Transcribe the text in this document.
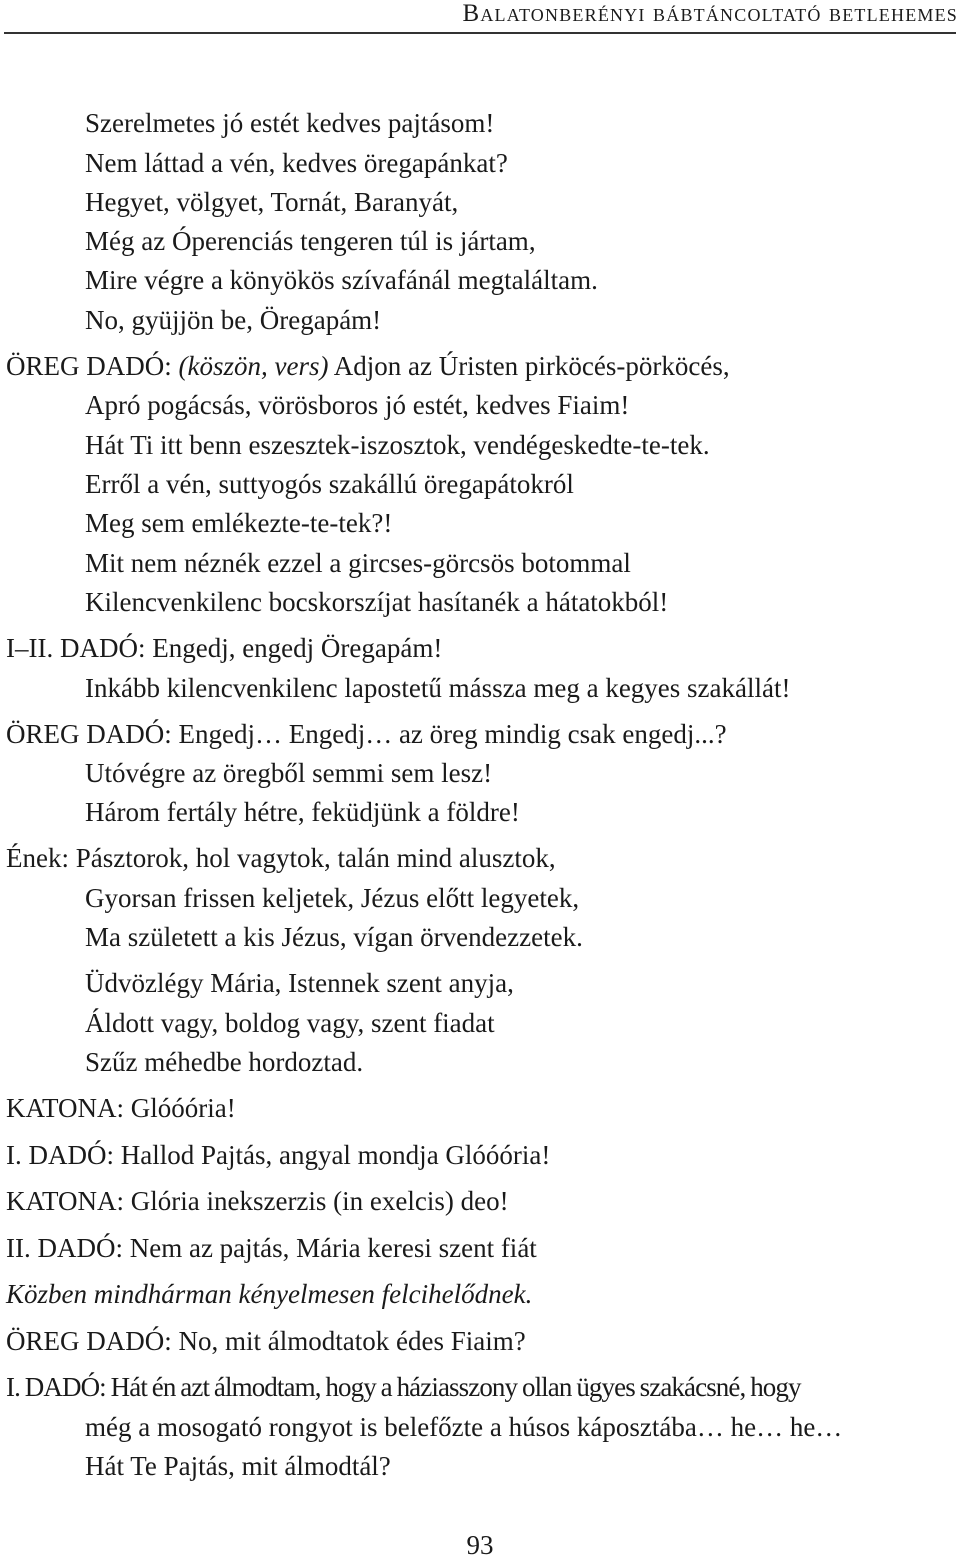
Balatonberényi bábtáncoltató betlehemes
Szerelmetes jó estét kedves pajtásom!
Nem láttad a vén, kedves öregapánkat?
Hegyet, völgyet, Tornát, Baranyát,
Még az Óperenciás tengeren túl is jártam,
Mire végre a könyökös szívafánál megtaláltam.
No, gyüjjön be, Öregapám!
ÖREG DADÓ: (köszön, vers) Adjon az Úristen pirköcés-pörköcés,
Apró pogácsás, vörösboros jó estét, kedves Fiaim!
Hát Ti itt benn eszesztek-iszosztok, vendégeskedte-te-tek.
Erről a vén, suttyogós szakállú öregapátokról
Meg sem emlékezte-te-tek?!
Mit nem néznék ezzel a gircses-görcsös botommal
Kilencvenkilenc bocskorszíjat hasítanék a hátatokból!
I–II. DADÓ: Engedj, engedj Öregapám!
Inkább kilencvenkilenc lapostetű mássza meg a kegyes szakállát!
ÖREG DADÓ: Engedj… Engedj… az öreg mindig csak engedj...?
Utóvégre az öregből semmi sem lesz!
Három fertály hétre, feküdjünk a földre!
Ének: Pásztorok, hol vagytok, talán mind alusztok,
Gyorsan frissen keljetek, Jézus előtt legyetek,
Ma született a kis Jézus, vígan örvendezzetek.
Üdvözlégy Mária, Istennek szent anyja,
Áldott vagy, boldog vagy, szent fiadat
Szűz méhedbe hordoztad.
KATONA: Glóóória!
I. DADÓ: Hallod Pajtás, angyal mondja Glóóória!
KATONA: Glória inekszerzis (in exelcis) deo!
II. DADÓ: Nem az pajtás, Mária keresi szent fiát
Közben mindhárman kényelmesen felcihelődnek.
ÖREG DADÓ: No, mit álmodtatok édes Fiaim?
I. DADÓ: Hát én azt álmodtam, hogy a háziasszony ollan ügyes szakácsné, hogy
még a mosogató rongyot is belefőzte a húsos káposztába… he… he…
Hát Te Pajtás, mit álmodtál?
93
